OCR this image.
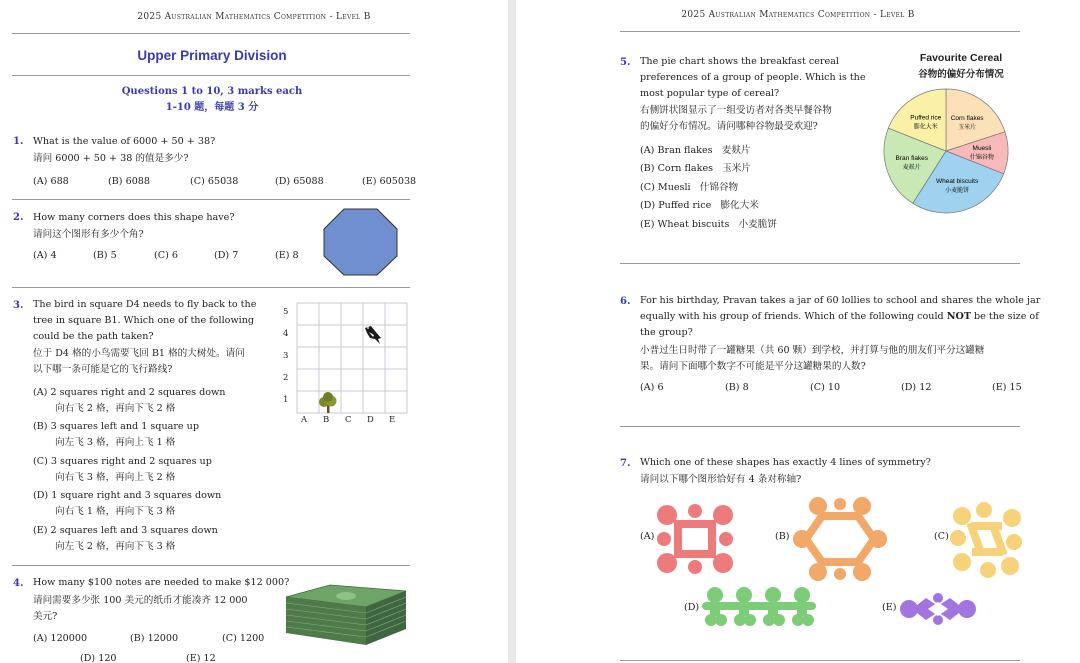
2025 Australian Mathematics Competition - Level B
Upper Primary Division
Questions 1 to 10, 3 marks each
1-10 题，每题 3 分
1. What is the value of 6000 + 50 + 38?
请问 6000 + 50 + 38 的值是多少?
(A) 688	(B) 6088	(C) 65038	(D) 65088	(E) 605038
2. How many corners does this shape have?
请问这个图形有多少个角?
(A) 4	(B) 5	(C) 6	(D) 7	(E) 8
3. The bird in square D4 needs to fly back to the
tree in square B1. Which one of the following
could be the path taken?
位于 D4 格的小鸟需要飞回 B1 格的大树处。请问
以下哪一条可能是它的飞行路线?
(A) 2 squares right and 2 squares down
向右飞 2 格，再向下飞 2 格
(B) 3 squares left and 1 square up
向左飞 3 格，再向上飞 1 格
(C) 3 squares right and 2 squares up
向右飞 3 格，再向上飞 2 格
(D) 1 square right and 3 squares down
向右飞 1 格，再向下飞 3 格
(E) 2 squares left and 3 squares down
向左飞 2 格，再向下飞 3 格
5
4
3
2
1
A B C D E
4. How many $100 notes are needed to make $12 000?
请问需要多少张 100 美元的纸币才能凑齐 12 000
美元?
(A) 120000	(B) 12000	(C) 1200
(D) 120	(E) 12
2025 Australian Mathematics Competition - Level B
5. The pie chart shows the breakfast cereal
preferences of a group of people. Which is the
most popular type of cereal?
右侧饼状图显示了一组受访者对各类早餐谷物
的偏好分布情况。请问哪种谷物最受欢迎?
(A) Bran flakes 麦麸片
(B) Corn flakes 玉米片
(C) Muesli 什锦谷物
(D) Puffed rice 膨化大米
(E) Wheat biscuits 小麦脆饼
Favourite Cereal
谷物的偏好分布情况
Corn flakes
玉米片
Muesli
什锦谷物
Wheat biscuits
小麦脆饼
Bran flakes
麦麸片
Puffed rice
膨化大米
6. For his birthday, Pravan takes a jar of 60 lollies to school and shares the whole jar
equally with his group of friends. Which of the following could NOT be the size of
the group?
小普过生日时带了一罐糖果（共 60 颗）到学校，并打算与他的朋友们平分这罐糖
果。请问下面哪个数字不可能是平分这罐糖果的人数?
(A) 6	(B) 8	(C) 10	(D) 12	(E) 15
7. Which one of these shapes has exactly 4 lines of symmetry?
请问以下哪个图形恰好有 4 条对称轴?
(A)	(B)	(C)
(D)	(E)
